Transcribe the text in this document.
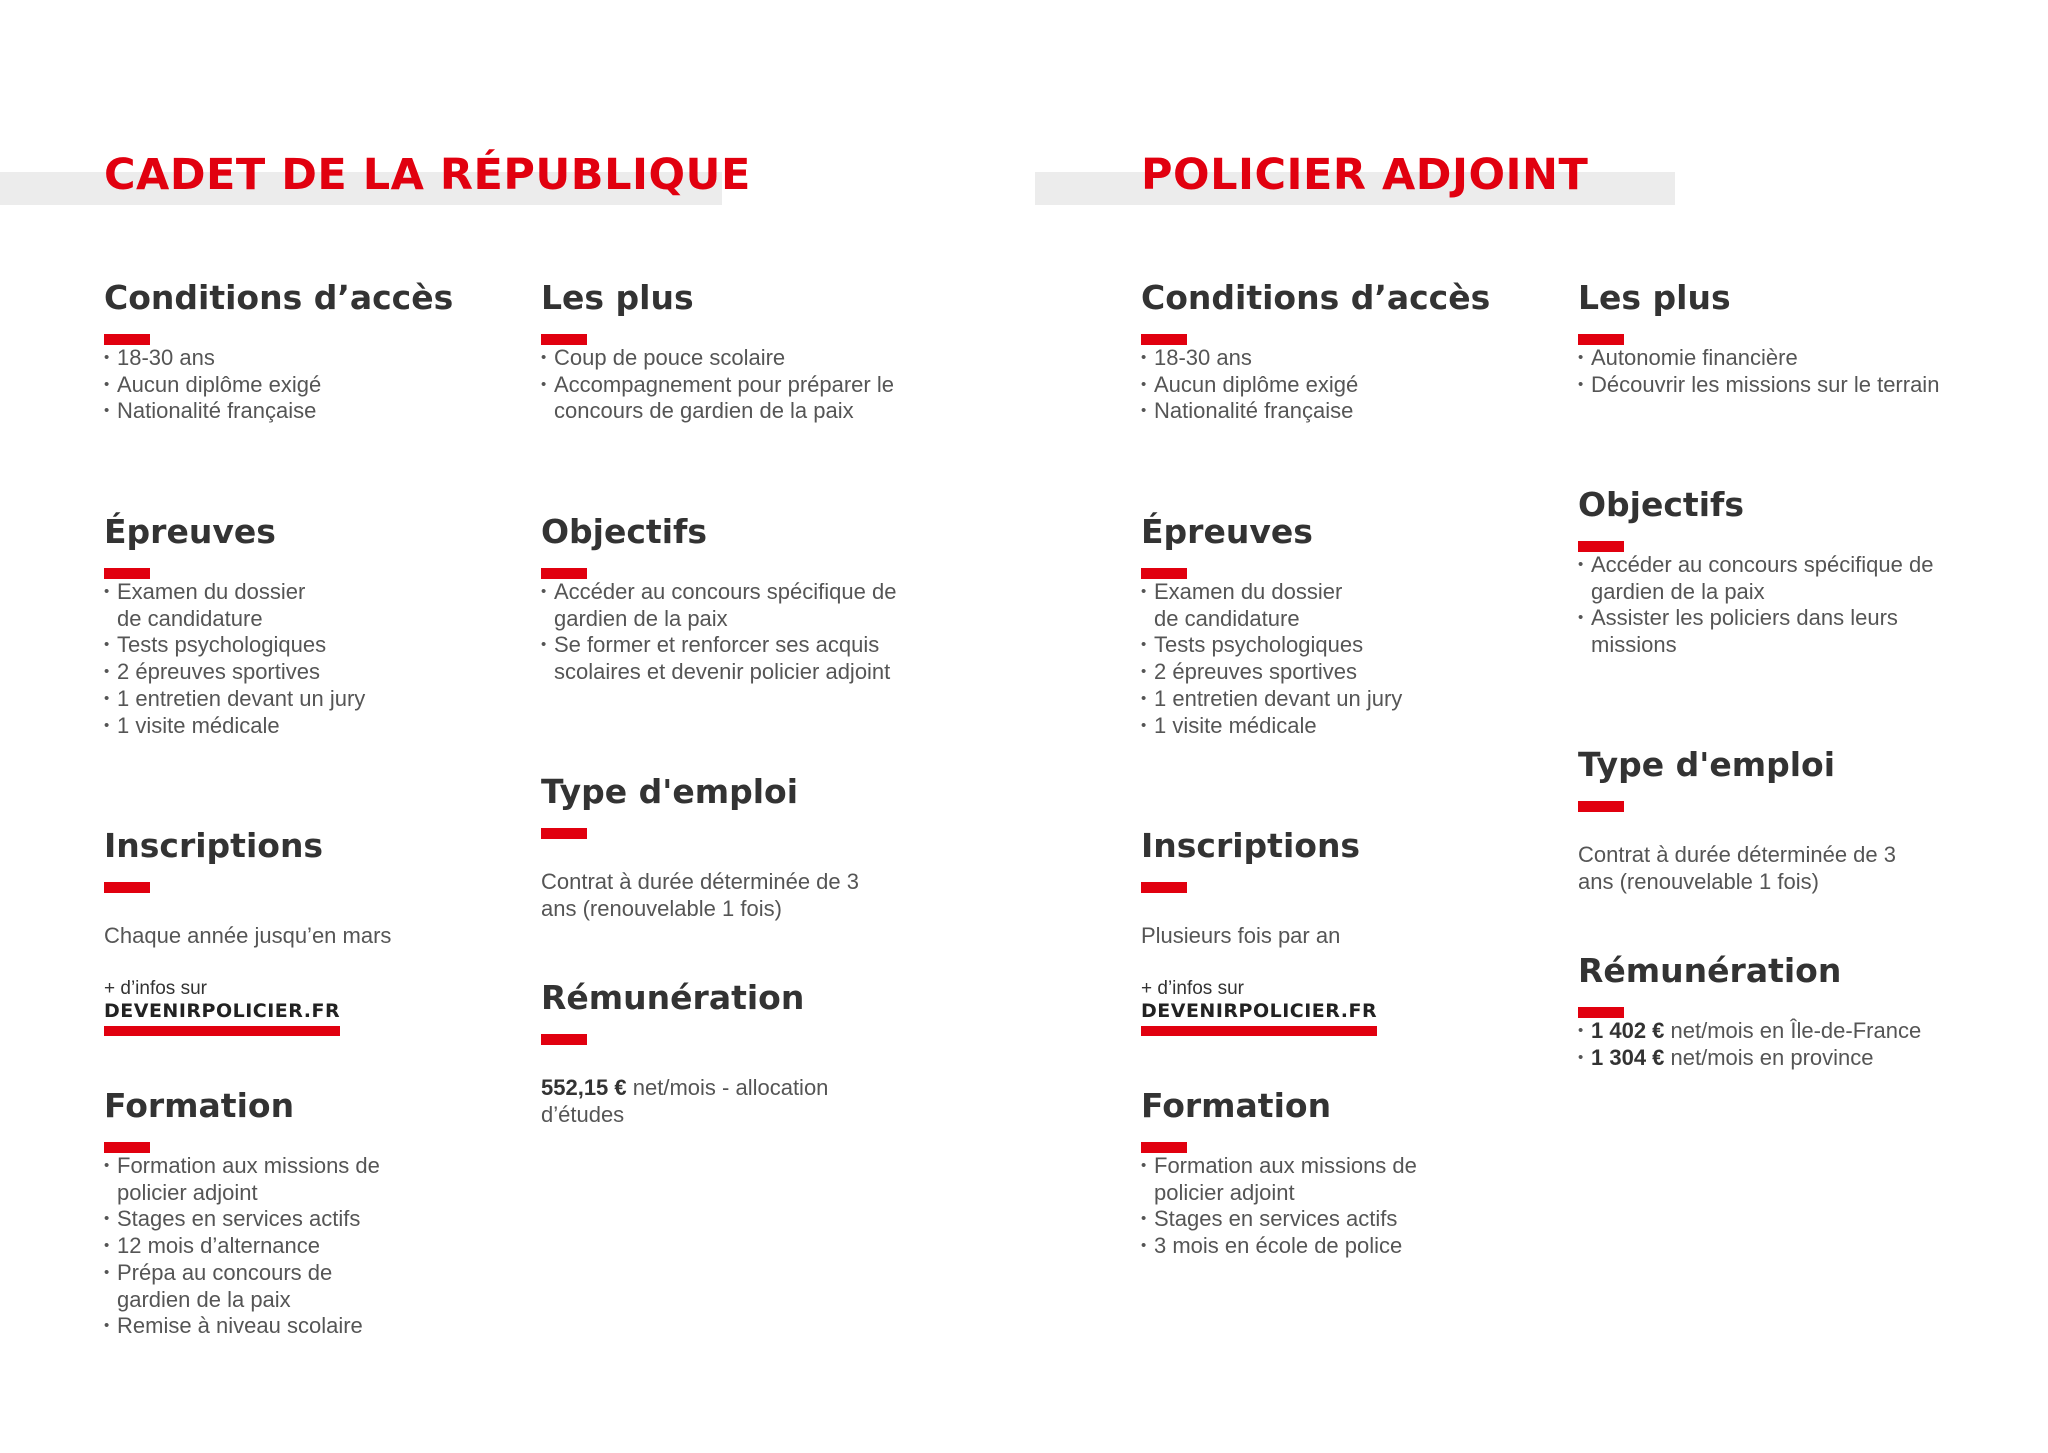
CADET DE LA RÉPUBLIQUE	POLICIER ADJOINT
Conditions d’accès
• 18-30 ans
• Aucun diplôme exigé
• Nationalité française
Épreuves
• Examen du dossier de candidature
• Tests psychologiques
• 2 épreuves sportives
• 1 entretien devant un jury
• 1 visite médicale
Inscriptions

Chaque année jusqu’en mars

+ d’infos sur
DEVENIRPOLICIER.FR
Formation
• Formation aux missions de policier adjoint
• Stages en services actifs
• 12 mois d’alternance
• Prépa au concours de gardien de la paix
• Remise à niveau scolaire
Les plus
• Coup de pouce scolaire
• Accompagnement pour préparer le concours de gardien de la paix
Objectifs
• Accéder au concours spécifique de gardien de la paix
• Se former et renforcer ses acquis scolaires et devenir policier adjoint
Type d'emploi

Contrat à durée déterminée de 3 ans (renouvelable 1 fois)

Rémunération

552,15 € net/mois - allocation d’études

Conditions d’accès
• 18-30 ans
• Aucun diplôme exigé
• Nationalité française
Épreuves
• Examen du dossier de candidature
• Tests psychologiques
• 2 épreuves sportives
• 1 entretien devant un jury
• 1 visite médicale
Inscriptions

Plusieurs fois par an

+ d’infos sur
DEVENIRPOLICIER.FR
Formation
• Formation aux missions de policier adjoint
• Stages en services actifs
• 3 mois en école de police
Les plus
• Autonomie financière
• Découvrir les missions sur le terrain
Objectifs
• Accéder au concours spécifique de gardien de la paix
• Assister les policiers dans leurs missions
Type d'emploi

Contrat à durée déterminée de 3 ans (renouvelable 1 fois)

Rémunération
• 1 402 € net/mois en Île-de-France
• 1 304 € net/mois en province
